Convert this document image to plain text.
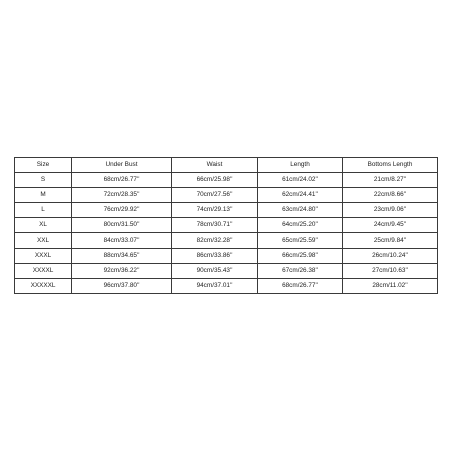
Size	Under Bust	Waist	Length	Bottoms Length
S	68cm/26.77''	66cm/25.98''	61cm/24.02''	21cm/8.27''
M	72cm/28.35''	70cm/27.56''	62cm/24.41''	22cm/8.66''
L	76cm/29.92''	74cm/29.13''	63cm/24.80''	23cm/9.06''
XL	80cm/31.50''	78cm/30.71''	64cm/25.20''	24cm/9.45''
XXL	84cm/33.07''	82cm/32.28''	65cm/25.59''	25cm/9.84''
XXXL	88cm/34.65''	86cm/33.86''	66cm/25.98''	26cm/10.24''
XXXXL	92cm/36.22''	90cm/35.43''	67cm/26.38''	27cm/10.63''
XXXXXL	96cm/37.80''	94cm/37.01''	68cm/26.77''	28cm/11.02''
